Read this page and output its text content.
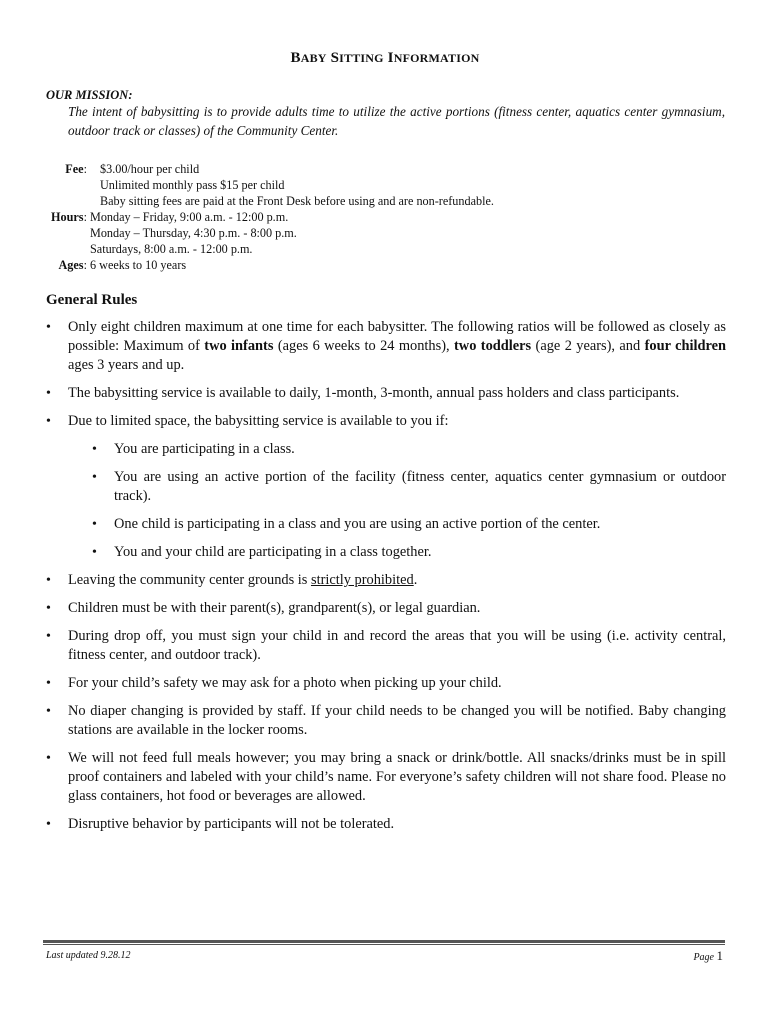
BABY SITTING INFORMATION
OUR MISSION:
The intent of babysitting is to provide adults time to utilize the active portions (fitness center, aquatics center gymnasium, outdoor track or classes) of the Community Center.
Fee: $3.00/hour per child
Unlimited monthly pass $15 per child
Baby sitting fees are paid at the Front Desk before using and are non-refundable.
Hours: Monday – Friday, 9:00 a.m. - 12:00 p.m.
Monday – Thursday, 4:30 p.m. - 8:00 p.m.
Saturdays, 8:00 a.m. - 12:00 p.m.
Ages: 6 weeks to 10 years
General Rules
•	Only eight children maximum at one time for each babysitter. The following ratios will be followed as closely as possible: Maximum of two infants (ages 6 weeks to 24 months), two toddlers (age 2 years), and four children ages 3 years and up.
•	The babysitting service is available to daily, 1-month, 3-month, annual pass holders and class participants.
•	Due to limited space, the babysitting service is available to you if:
•	You are participating in a class.
•	You are using an active portion of the facility (fitness center, aquatics center gymnasium or outdoor track).
•	One child is participating in a class and you are using an active portion of the center.
•	You and your child are participating in a class together.
•	Leaving the community center grounds is strictly prohibited.
•	Children must be with their parent(s), grandparent(s), or legal guardian.
•	During drop off, you must sign your child in and record the areas that you will be using (i.e. activity central, fitness center, and outdoor track).
•	For your child’s safety we may ask for a photo when picking up your child.
•	No diaper changing is provided by staff. If your child needs to be changed you will be notified. Baby changing stations are available in the locker rooms.
•	We will not feed full meals however; you may bring a snack or drink/bottle. All snacks/drinks must be in spill proof containers and labeled with your child’s name. For everyone’s safety children will not share food. Please no glass containers, hot food or beverages are allowed.
•	Disruptive behavior by participants will not be tolerated.
Last updated 9.28.12	Page 1
